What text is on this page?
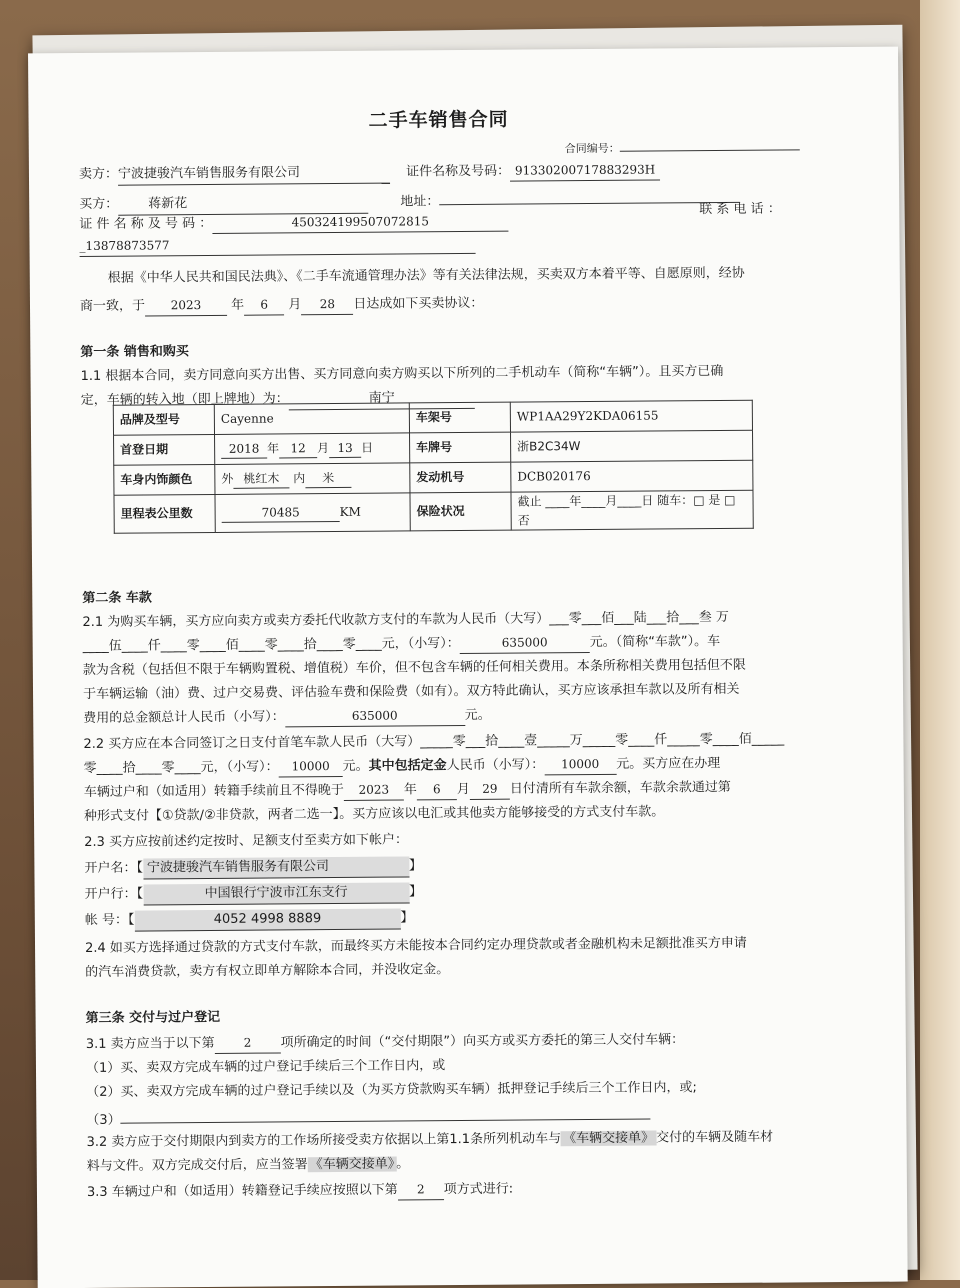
二手车销售合同
合同编号：
卖方：宁波捷骏汽车销售服务有限公司	证件名称及号码： 91330200717883293H
买方： 蒋新花	地址：
证 件 名 称 及 号 码 ：	450324199507072815
联 系 电 话 ：
_13878873577
根据《中华人民共和国民法典》、《二手车流通管理办法》等有关法律法规，买卖双方本着平等、自愿原则，经协
商一致，于 2023 年 6 月 28 日达成如下买卖协议：
第一条 销售和购买
1.1 根据本合同，卖方同意向买方出售、买方同意向卖方购买以下所列的二手机动车（简称“车辆”）。且买方已确
定，车辆的转入地（即上牌地）为：	南宁
品牌及型号	Cayenne	车架号	WP1AA29Y2KDA06155
首登日期	2018 年 12 月 13 日	车牌号	浙B2C34W
车身内饰颜色	外 桃红木 内 米	发动机号	DCB020176
里程表公里数	70485 KM	保险状况	截止 ____年____月____日 随车：□ 是 □ 否
第二条 车款
2.1 为购买车辆，买方应向卖方或卖方委托代收款方支付的车款为人民币（大写）___零___佰___陆___拾___叁 万
____伍____仟____零____佰____零____拾____零____元，（小写）：	635000	元。（简称“车款”）。车
款为含税（包括但不限于车辆购置税、增值税）车价，但不包含车辆的任何相关费用。本条所称相关费用包括但不限
于车辆运输（油）费、过户交易费、评估验车费和保险费（如有）。双方特此确认，买方应该承担车款以及所有相关
费用的总金额总计人民币（小写）：	635000	元。
2.2 买方应在本合同签订之日支付首笔车款人民币（大写）_____零___拾____壹_____万_____零____仟_____零____佰_____
零____拾____零____元，（小写）： 10000 元。其中包括定金人民币（小写）： 10000 元。买方应在办理
车辆过户和（如适用）转籍手续前且不得晚于 2023 年 6 月 29 日付清所有车款余额，车款余款通过第
种形式支付【①贷款/②非贷款，两者二选一】。买方应该以电汇或其他卖方能够接受的方式支付车款。
2.3 买方应按前述约定按时、足额支付至卖方如下帐户：
开户名：【 宁波捷骏汽车销售服务有限公司	】
开户行：【	中国银行宁波市江东支行	】
帐 号：【	4052 4998 8889	】
2.4 如买方选择通过贷款的方式支付车款，而最终买方未能按本合同约定办理贷款或者金融机构未足额批准买方申请
的汽车消费贷款，卖方有权立即单方解除本合同，并没收定金。
第三条 交付与过户登记
3.1 卖方应当于以下第 2 项所确定的时间（“交付期限”）向买方或买方委托的第三人交付车辆：
（1）买、卖双方完成车辆的过户登记手续后三个工作日内，或
（2）买、卖双方完成车辆的过户登记手续以及（为买方贷款购买车辆）抵押登记手续后三个工作日内，或;
（3）
3.2 卖方应于交付期限内到卖方的工作场所接受卖方依据以上第1.1条所列机动车与 《车辆交接单》 交付的车辆及随车材
料与文件。双方完成交付后，应当签署 《车辆交接单》 。
3.3 车辆过户和（如适用）转籍登记手续应按照以下第 2 项方式进行:
